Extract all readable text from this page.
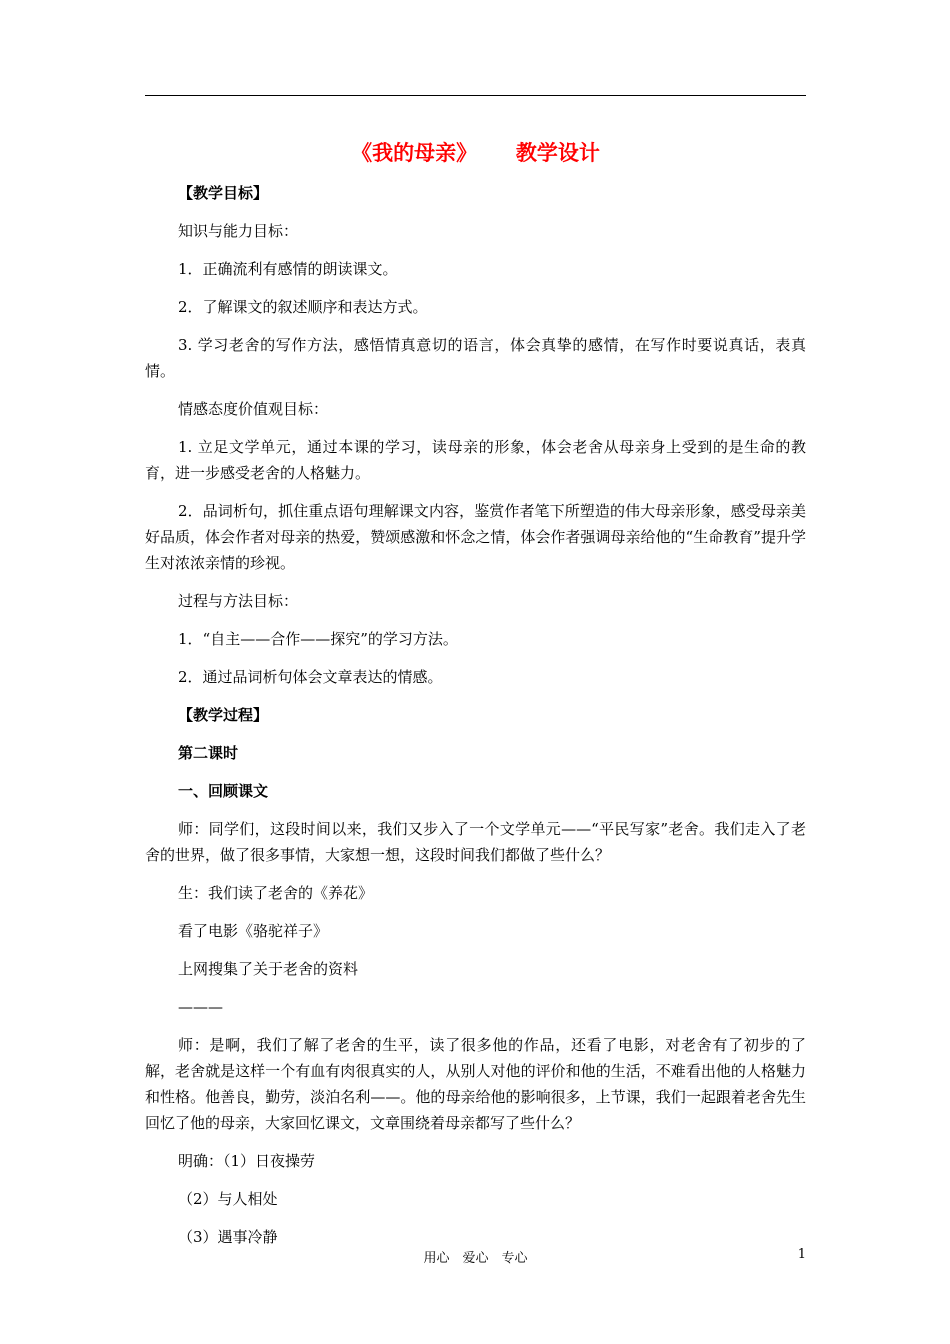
《我的母亲》　　 教学设计

【教学目标】

知识与能力目标：

1．正确流利有感情的朗读课文。

2．了解课文的叙述顺序和表达方式。

3. 学习老舍的写作方法，感悟情真意切的语言，体会真挚的感情，在写作时要说真话，表真情。

情感态度价值观目标：

1. 立足文学单元，通过本课的学习，读母亲的形象，体会老舍从母亲身上受到的是生命的教育，进一步感受老舍的人格魅力。

2．品词析句，抓住重点语句理解课文内容，鉴赏作者笔下所塑造的伟大母亲形象，感受母亲美好品质，体会作者对母亲的热爱，赞颂感激和怀念之情，体会作者强调母亲给他的“生命教育”提升学生对浓浓亲情的珍视。

过程与方法目标：

1．“自主——合作——探究”的学习方法。

2．通过品词析句体会文章表达的情感。

【教学过程】

第二课时

一、回顾课文

师：同学们，这段时间以来，我们又步入了一个文学单元——“平民写家”老舍。我们走入了老舍的世界，做了很多事情，大家想一想，这段时间我们都做了些什么？

生：我们读了老舍的《养花》

看了电影《骆驼祥子》

上网搜集了关于老舍的资料

———

师：是啊，我们了解了老舍的生平，读了很多他的作品，还看了电影，对老舍有了初步的了解，老舍就是这样一个有血有肉很真实的人，从别人对他的评价和他的生活，不难看出他的人格魅力和性格。他善良，勤劳，淡泊名利——。他的母亲给他的影响很多，上节课，我们一起跟着老舍先生回忆了他的母亲，大家回忆课文，文章围绕着母亲都写了些什么？

明确：（1）日夜操劳

（2）与人相处

（3）遇事冷静

用心　爱心　专心	1
